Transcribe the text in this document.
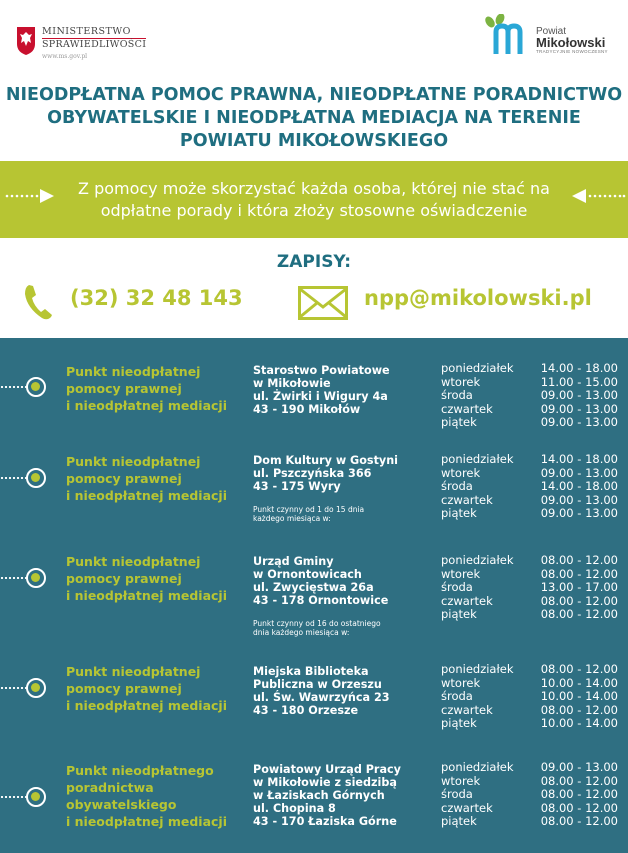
MINISTERSTWO
SPRAWIEDLIWOŚCI
www.ms.gov.pl
Powiat
Mikołowski
TRADYCYJNIE NOWOCZESNY
NIEODPŁATNA POMOC PRAWNA, NIEODPŁATNE PORADNICTWO
OBYWATELSKIE I NIEODPŁATNA MEDIACJA NA TERENIE
POWIATU MIKOŁOWSKIEGO
Z pomocy może skorzystać każda osoba, której nie stać na
odpłatne porady i która złoży stosowne oświadczenie
ZAPISY:
(32) 32 48 143	npp@mikolowski.pl
Punkt nieodpłatnej
pomocy prawnej
i nieodpłatnej mediacji
Starostwo Powiatowe
w Mikołowie
ul. Żwirki i Wigury 4a
43 - 190 Mikołów
poniedziałek
wtorek
środa
czwartek
piątek
14.00 - 18.00
11.00 - 15.00
09.00 - 13.00
09.00 - 13.00
09.00 - 13.00
Punkt nieodpłatnej
pomocy prawnej
i nieodpłatnej mediacji
Dom Kultury w Gostyni
ul. Pszczyńska 366
43 - 175 Wyry
Punkt czynny od 1 do 15 dnia
każdego miesiąca w:
poniedziałek
wtorek
środa
czwartek
piątek
14.00 - 18.00
09.00 - 13.00
14.00 - 18.00
09.00 - 13.00
09.00 - 13.00
Punkt nieodpłatnej
pomocy prawnej
i nieodpłatnej mediacji
Urząd Gminy
w Ornontowicach
ul. Zwycięstwa 26a
43 - 178 Ornontowice
Punkt czynny od 16 do ostatniego
dnia każdego miesiąca w:
poniedziałek
wtorek
środa
czwartek
piątek
08.00 - 12.00
08.00 - 12.00
13.00 - 17.00
08.00 - 12.00
08.00 - 12.00
Punkt nieodpłatnej
pomocy prawnej
i nieodpłatnej mediacji
Miejska Biblioteka
Publiczna w Orzeszu
ul. Św. Wawrzyńca 23
43 - 180 Orzesze
poniedziałek
wtorek
środa
czwartek
piątek
08.00 - 12.00
10.00 - 14.00
10.00 - 14.00
08.00 - 12.00
10.00 - 14.00
Punkt nieodpłatnego
poradnictwa
obywatelskiego
i nieodpłatnej mediacji
Powiatowy Urząd Pracy
w Mikołowie z siedzibą
w Łaziskach Górnych
ul. Chopina 8
43 - 170 Łaziska Górne
poniedziałek
wtorek
środa
czwartek
piątek
09.00 - 13.00
08.00 - 12.00
08.00 - 12.00
08.00 - 12.00
08.00 - 12.00
